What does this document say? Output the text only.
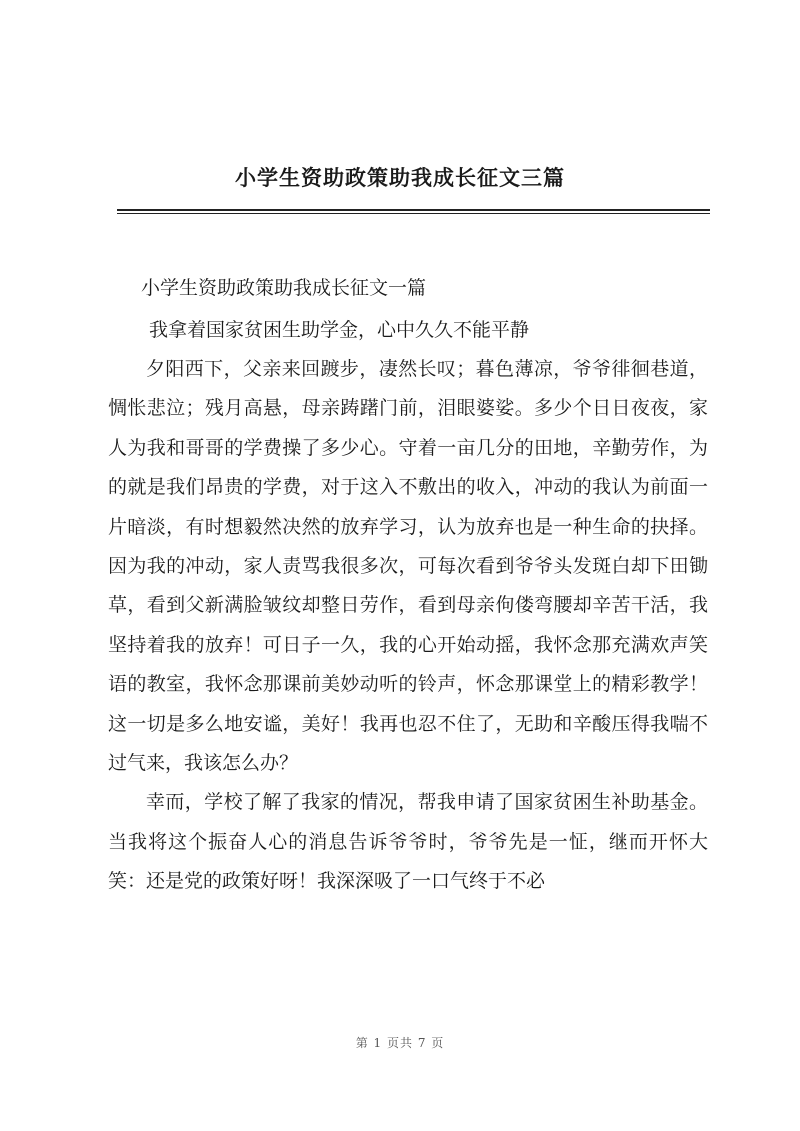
小学生资助政策助我成长征文三篇

小学生资助政策助我成长征文一篇

我拿着国家贫困生助学金，心中久久不能平静

夕阳西下，父亲来回踱步，凄然长叹；暮色薄凉，爷爷徘徊巷道，惆怅悲泣；残月高悬，母亲踌躇门前，泪眼婆娑。多少个日日夜夜，家人为我和哥哥的学费操了多少心。守着一亩几分的田地，辛勤劳作，为的就是我们昂贵的学费，对于这入不敷出的收入，冲动的我认为前面一片暗淡，有时想毅然决然的放弃学习，认为放弃也是一种生命的抉择。因为我的冲动，家人责骂我很多次，可每次看到爷爷头发斑白却下田锄草，看到父新满脸皱纹却整日劳作，看到母亲佝偻弯腰却辛苦干活，我坚持着我的放弃！可日子一久，我的心开始动摇，我怀念那充满欢声笑语的教室，我怀念那课前美妙动听的铃声，怀念那课堂上的精彩教学！这一切是多么地安谧，美好！我再也忍不住了，无助和辛酸压得我喘不过气来，我该怎么办？

幸而，学校了解了我家的情况，帮我申请了国家贫困生补助基金。当我将这个振奋人心的消息告诉爷爷时，爷爷先是一怔，继而开怀大笑：还是党的政策好呀！我深深吸了一口气终于不必

第 1 页共 7 页
